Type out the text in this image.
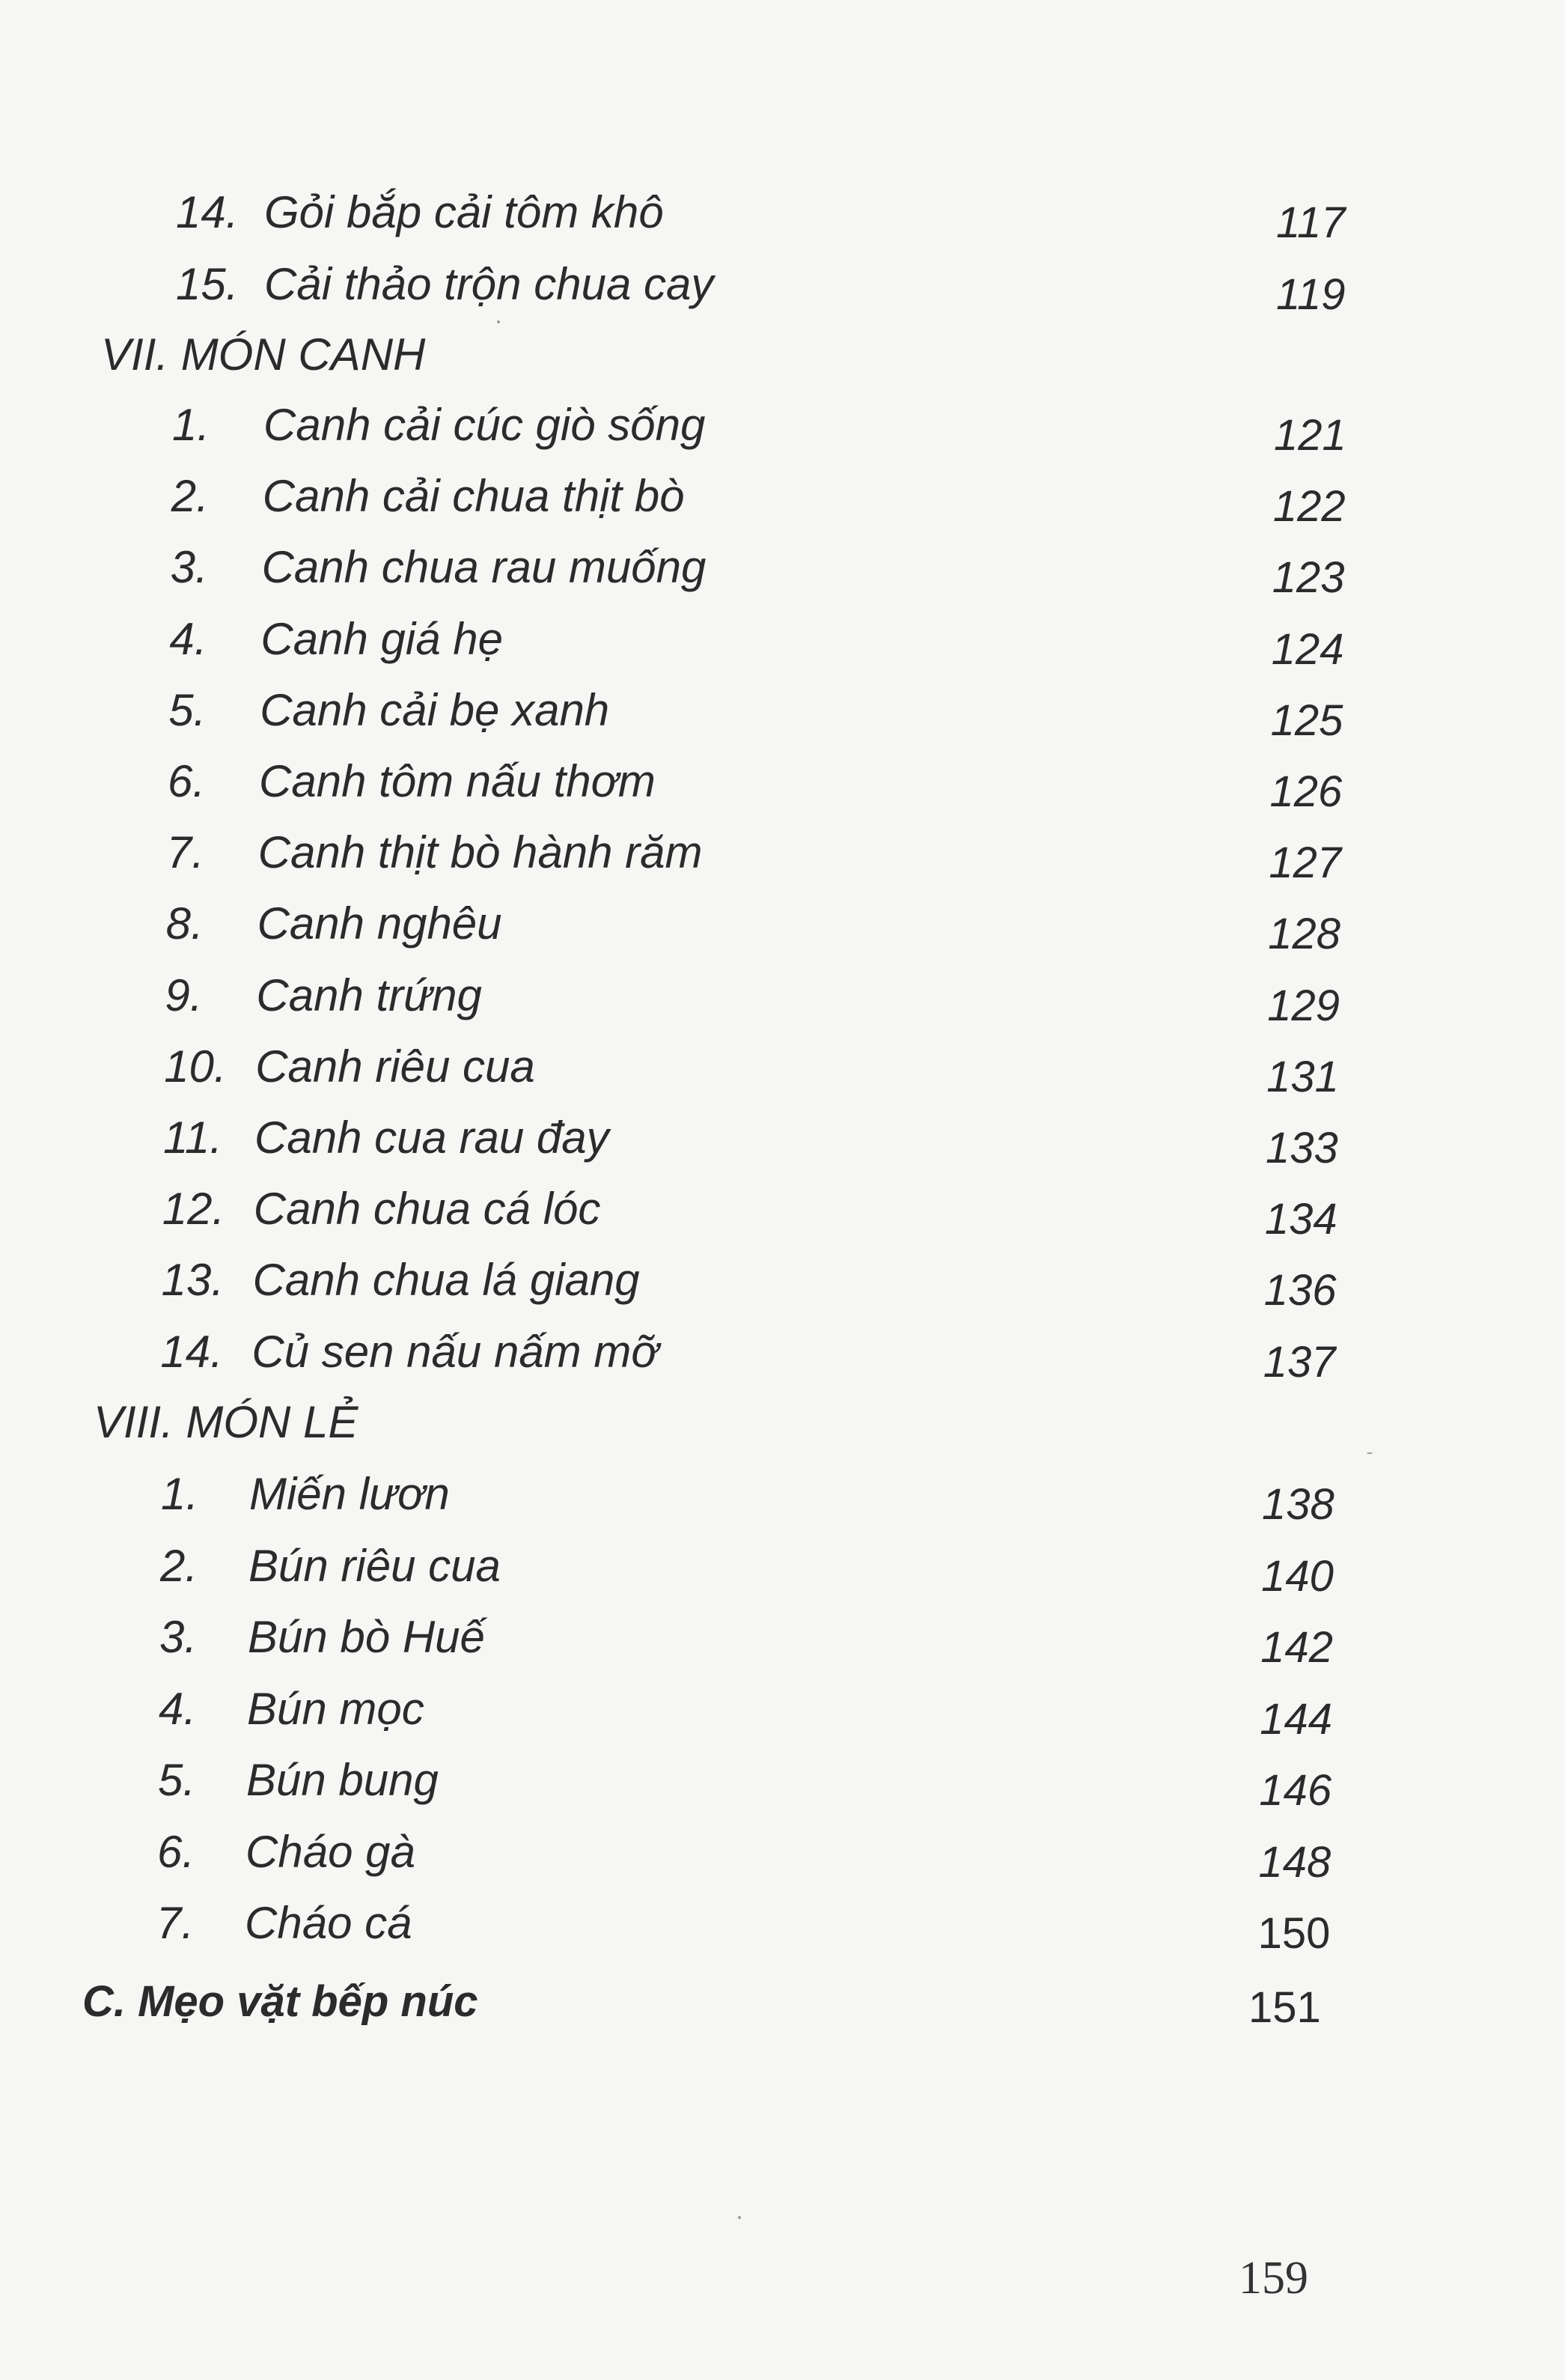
14. Gỏi bắp cải tôm khô	117
15. Cải thảo trộn chua cay	119
VII. MÓN CANH
1. Canh cải cúc giò sống	121
2. Canh cải chua thịt bò	122
3. Canh chua rau muống	123
4. Canh giá hẹ	124
5. Canh cải bẹ xanh	125
6. Canh tôm nấu thơm	126
7. Canh thịt bò hành răm	127
8. Canh nghêu	128
9. Canh trứng	129
10. Canh riêu cua	131
11. Canh cua rau đay	133
12. Canh chua cá lóc	134
13. Canh chua lá giang	136
14. Củ sen nấu nấm mỡ	137
VIII. MÓN LẺ
1. Miến lươn	138
2. Bún riêu cua	140
3. Bún bò Huế	142
4. Bún mọc	144
5. Bún bung	146
6. Cháo gà	148
7. Cháo cá	150
C. Mẹo vặt bếp núc	151
159
